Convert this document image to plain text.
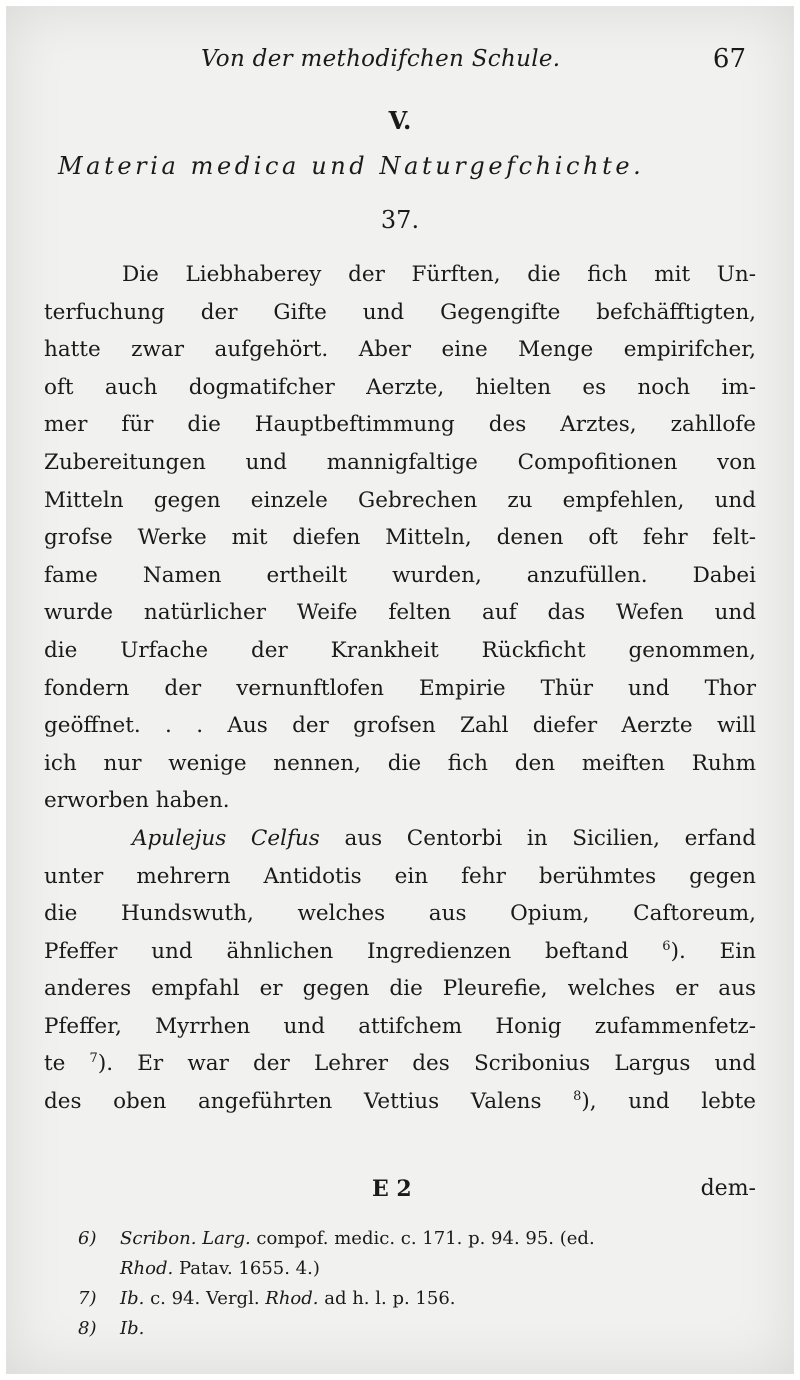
Von der methodifchen Schule.	67
V.
Materia medica und Naturgefchichte.
37.
Die Liebhaberey der Fürften, die fich mit Un-
terfuchung der Gifte und Gegengifte befchäfftigten,
hatte zwar aufgehört. Aber eine Menge empirifcher,
oft auch dogmatifcher Aerzte, hielten es noch im-
mer für die Hauptbeftimmung des Arztes, zahllofe
Zubereitungen und mannigfaltige Compofitionen von
Mitteln gegen einzele Gebrechen zu empfehlen, und
grofse Werke mit diefen Mitteln, denen oft fehr felt-
fame Namen ertheilt wurden, anzufüllen. Dabei
wurde natürlicher Weife felten auf das Wefen und
die Urfache der Krankheit Rückficht genommen,
fondern der vernunftlofen Empirie Thür und Thor
geöffnet. . . Aus der grofsen Zahl diefer Aerzte will
ich nur wenige nennen, die fich den meiften Ruhm
erworben haben.
Apulejus Celfus aus Centorbi in Sicilien, erfand
unter mehrern Antidotis ein fehr berühmtes gegen
die Hundswuth, welches aus Opium, Caftoreum,
Pfeffer und ähnlichen Ingredienzen beftand $^6$). Ein
anderes empfahl er gegen die Pleurefie, welches er aus
Pfeffer, Myrrhen und attifchem Honig zufammenfetz-
te $^7$). Er war der Lehrer des Scribonius Largus und
des oben angeführten Vettius Valens $^8$), und lebte
E 2	dem-
6) Scribon. Larg. compof. medic. c. 171. p. 94. 95. (ed.
Rhod. Patav. 1655. 4.)
7) Ib. c. 94. Vergl. Rhod. ad h. l. p. 156.
8) Ib.
